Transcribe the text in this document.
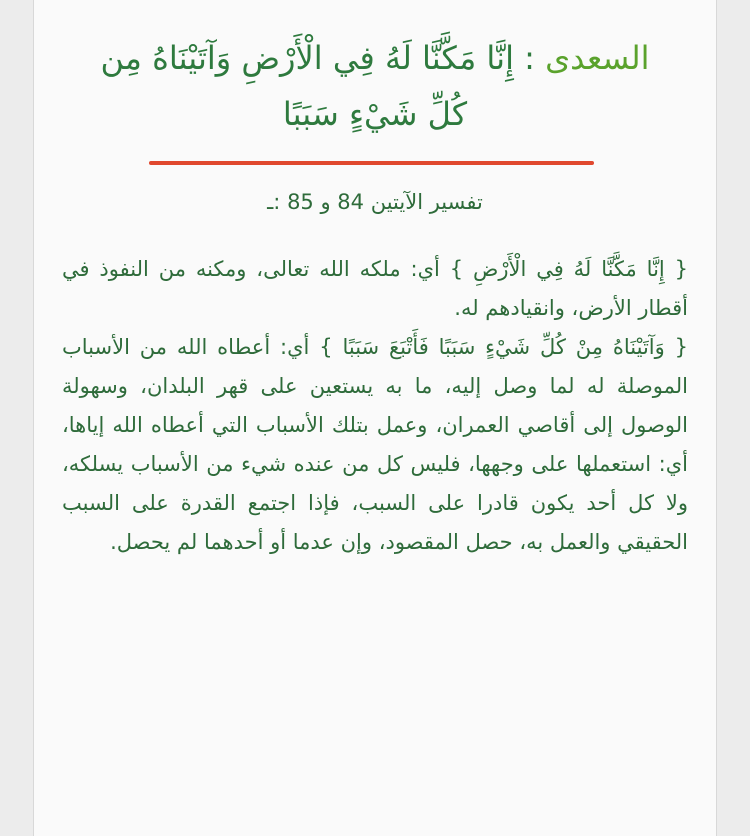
السعدى : إِنَّا مَكَّنَّا لَهُ فِي الْأَرْضِ وَآتَيْنَاهُ مِن كُلِّ شَيْءٍ سَبَبًا
تفسير الآيتين 84 و 85 :ـ

{ إِنَّا مَكَّنَّا لَهُ فِي الْأَرْضِ } أي: ملكه الله تعالى، ومكنه من النفوذ في أقطار الأرض، وانقيادهم له.

{ وَآتَيْنَاهُ مِنْ كُلِّ شَيْءٍ سَبَبًا فَأَتْبَعَ سَبَبًا } أي: أعطاه الله من الأسباب الموصلة له لما وصل إليه، ما به يستعين على قهر البلدان، وسهولة الوصول إلى أقاصي العمران، وعمل بتلك الأسباب التي أعطاه الله إياها، أي: استعملها على وجهها، فليس كل من عنده شيء من الأسباب يسلكه، ولا كل أحد يكون قادرا على السبب، فإذا اجتمع القدرة على السبب الحقيقي والعمل به، حصل المقصود، وإن عدما أو أحدهما لم يحصل.
